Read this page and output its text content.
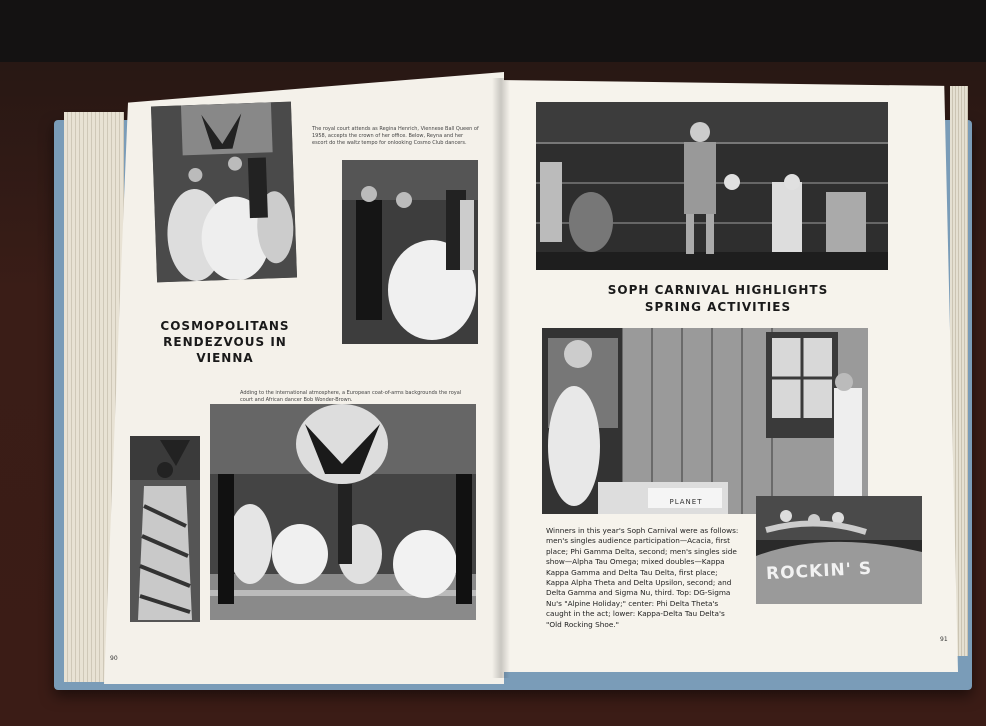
The royal court attends as Regina Henrich, Viennese Ball Queen of 1958, accepts the crown of her office. Below, Reyna and her escort do the waltz tempo for onlooking Cosmo Club dancers.
COSMOPOLITANS
RENDEZVOUS IN VIENNA
Adding to the international atmosphere, a European coat-of-arms backgrounds the royal court and African dancer Bob Wonder-Brown.
90
SOPH CARNIVAL HIGHLIGHTS
SPRING ACTIVITIES
PLANET
Winners in this year's Soph Carnival were as follows: men's singles audience participation—Acacia, first place; Phi Gamma Delta, second; men's singles side show—Alpha Tau Omega; mixed doubles—Kappa Kappa Gamma and Delta Tau Delta, first place; Kappa Alpha Theta and Delta Upsilon, second; and Delta Gamma and Sigma Nu, third. Top: DG-Sigma Nu's "Alpine Holiday;" center: Phi Delta Theta's caught in the act; lower: Kappa-Delta Tau Delta's "Old Rocking Shoe."
ROCKIN' S
91
